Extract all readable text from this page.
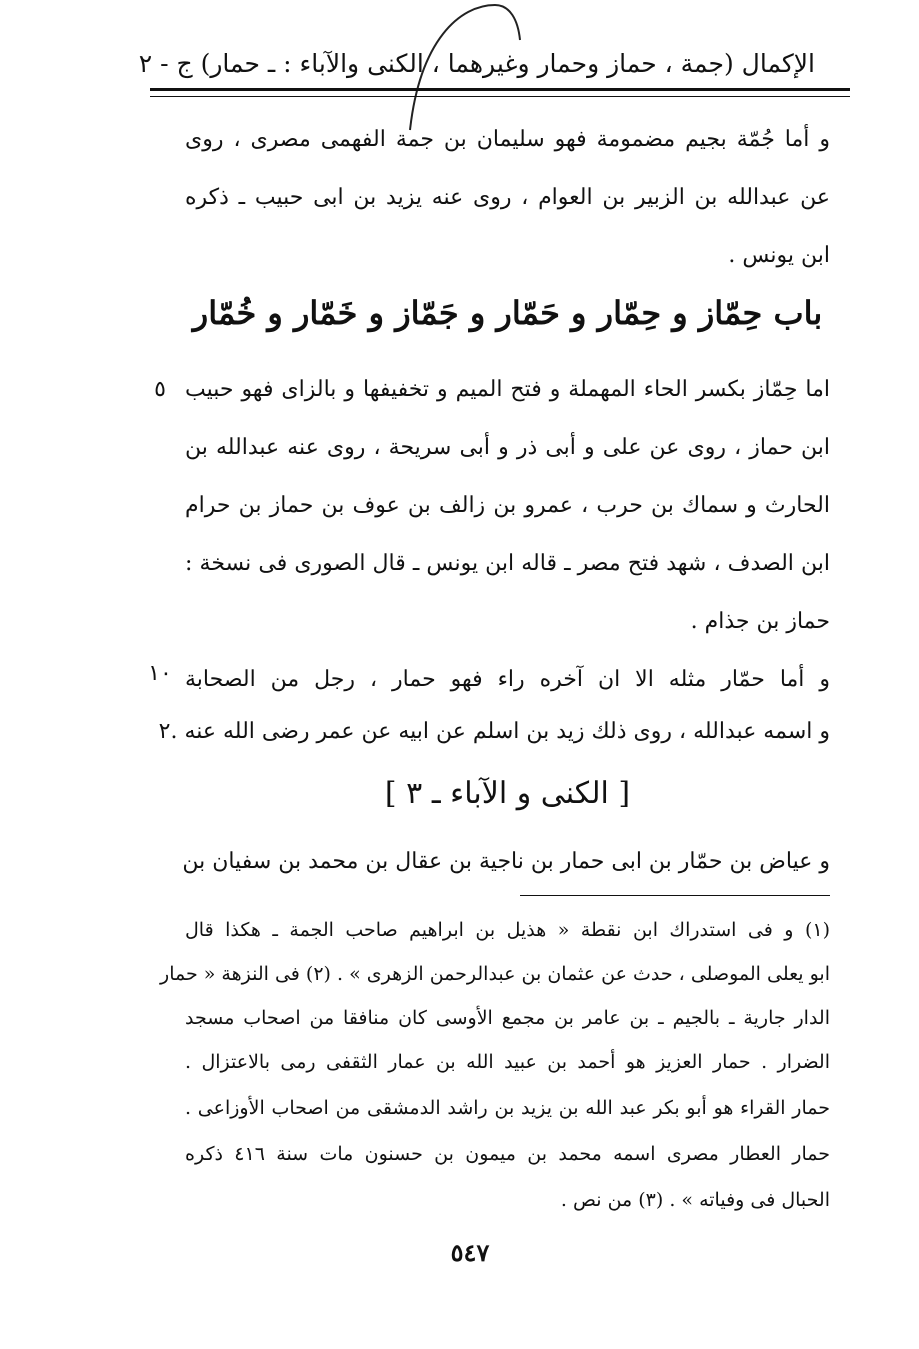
الإكمال (جمة ، حماز وحمار وغيرهما ، الكنى والآباء : ـ حمار) ج - ٢
و أما جُمّة بجيم مضمومة فهو سليمان بن جمة الفهمى مصرى ، روى
عن عبدالله بن الزبير بن العوام ، روى عنه يزيد بن ابى حبيب ـ ذكره
ابن يونس .
باب حِمّاز و حِمّار و حَمّار و جَمّاز و خَمّار و خُمّار
اما حِمّاز بكسر الحاء المهملة و فتح الميم و تخفيفها و بالزاى فهو حبيب
٥
ابن حماز ، روى عن على و أبى ذر و أبى سريحة ، روى عنه عبدالله بن
الحارث و سماك بن حرب ، عمرو بن زالف بن عوف بن حماز بن حرام
ابن الصدف ، شهد فتح مصر ـ قاله ابن يونس ـ قال الصورى فى نسخة :
حماز بن جذام .
و أما حمّار مثله الا ان آخره راء فهو حمار ، رجل من الصحابة
١٠
و اسمه عبدالله ، روى ذلك زيد بن اسلم عن ابيه عن عمر رضى الله عنه .٢
[ الكنى و الآباء ـ ٣ ]
و عياض بن حمّار بن ابى حمار بن ناجية بن عقال بن محمد بن سفيان بن
(١) و فى استدراك ابن نقطة « هذيل بن ابراهيم صاحب الجمة ـ هكذا قال
ابو يعلى الموصلى ، حدث عن عثمان بن عبدالرحمن الزهرى » . (٢) فى النزهة « حمار
الدار جارية ـ بالجيم ـ بن عامر بن مجمع الأوسى كان منافقا من اصحاب مسجد
الضرار . حمار العزيز هو أحمد بن عبيد الله بن عمار الثقفى رمى بالاعتزال .
حمار القراء هو أبو بكر عبد الله بن يزيد بن راشد الدمشقى من اصحاب الأوزاعى .
حمار العطار مصرى اسمه محمد بن ميمون بن حسنون مات سنة ٤١٦ ذكره
الحبال فى وفياته » . (٣) من نص .
٥٤٧
